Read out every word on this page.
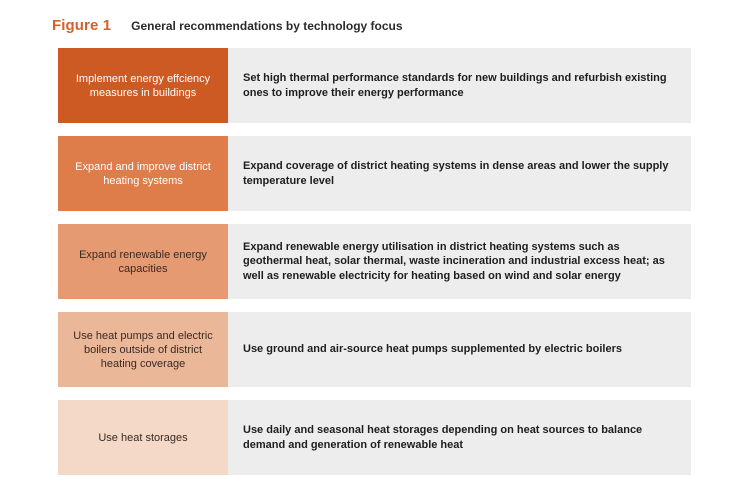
Figure 1 General recommendations by technology focus
Implement energy effciency measures in buildings
Set high thermal performance standards for new buildings and refurbish existing ones to improve their energy performance
Expand and improve district heating systems
Expand coverage of district heating systems in dense areas and lower the supply temperature level
Expand renewable energy capacities
Expand renewable energy utilisation in district heating systems such as geothermal heat, solar thermal, waste incineration and industrial excess heat; as well as renewable electricity for heating based on wind and solar energy
Use heat pumps and electric boilers outside of district heating coverage
Use ground and air-source heat pumps supplemented by electric boilers
Use heat storages
Use daily and seasonal heat storages depending on heat sources to balance demand and generation of renewable heat
